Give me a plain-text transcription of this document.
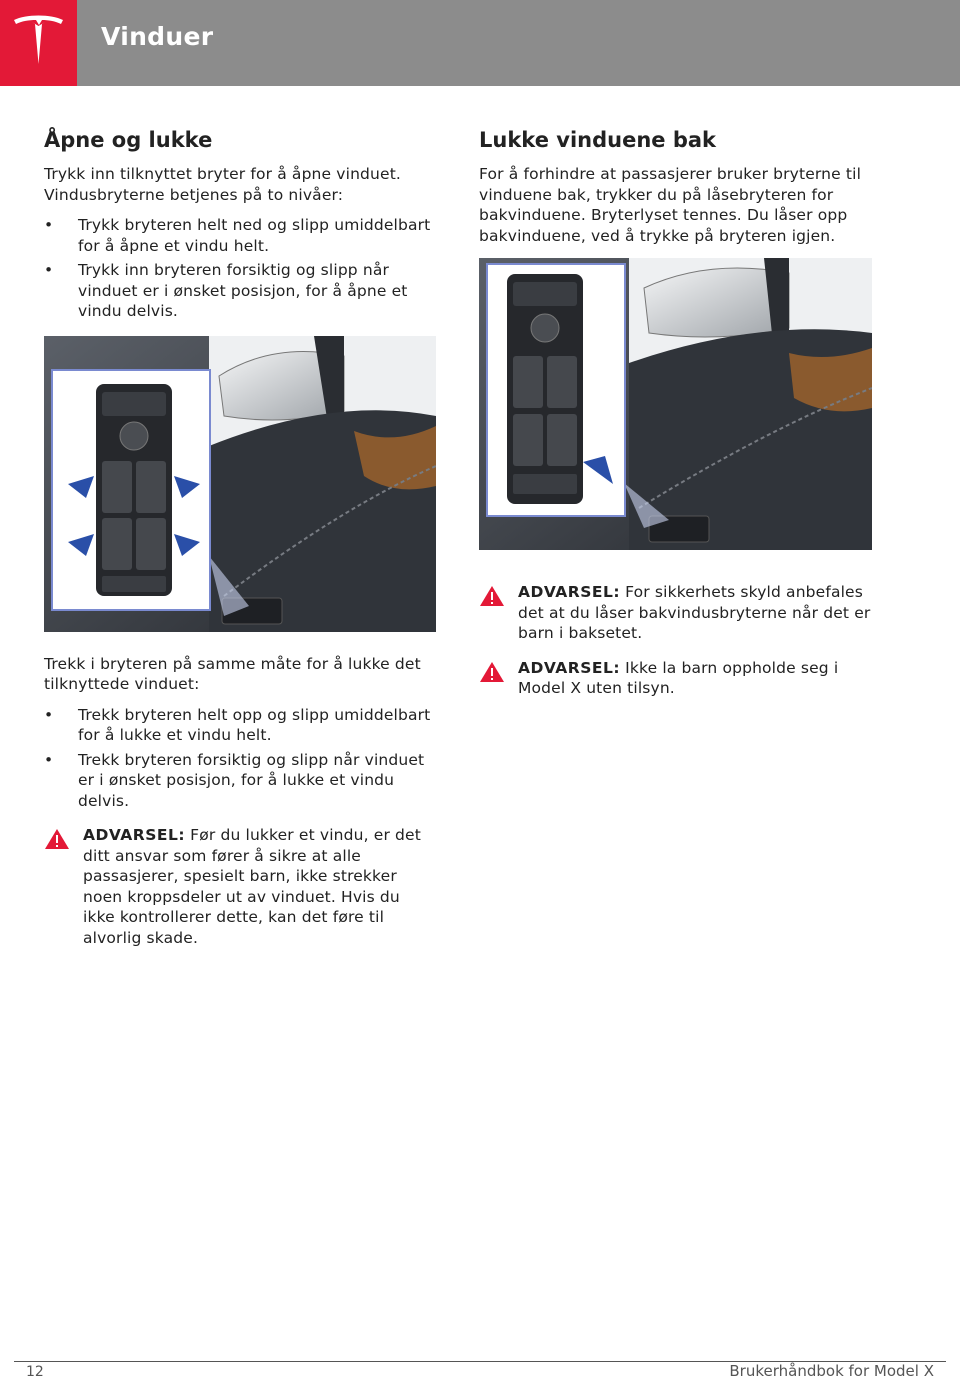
Vinduer
Åpne og lukke

Trykk inn tilknyttet bryter for å åpne vinduet. Vindusbryterne betjenes på to nivåer:

• Trykk bryteren helt ned og slipp umiddelbart for å åpne et vindu helt.
• Trykk inn bryteren forsiktig og slipp når vinduet er i ønsket posisjon, for å åpne et vindu delvis.

Trekk i bryteren på samme måte for å lukke det tilknyttede vinduet:

• Trekk bryteren helt opp og slipp umiddelbart for å lukke et vindu helt.
• Trekk bryteren forsiktig og slipp når vinduet er i ønsket posisjon, for å lukke et vindu delvis.

ADVARSEL: Før du lukker et vindu, er det ditt ansvar som fører å sikre at alle passasjerer, spesielt barn, ikke strekker noen kroppsdeler ut av vinduet. Hvis du ikke kontrollerer dette, kan det føre til alvorlig skade.

Lukke vinduene bak

For å forhindre at passasjerer bruker bryterne til vinduene bak, trykker du på låsebryteren for bakvinduene. Bryterlyset tennes. Du låser opp bakvinduene, ved å trykke på bryteren igjen.

ADVARSEL: For sikkerhets skyld anbefales det at du låser bakvindusbryterne når det er barn i baksetet.

ADVARSEL: Ikke la barn oppholde seg i Model X uten tilsyn.

12	Brukerhåndbok for Model X
